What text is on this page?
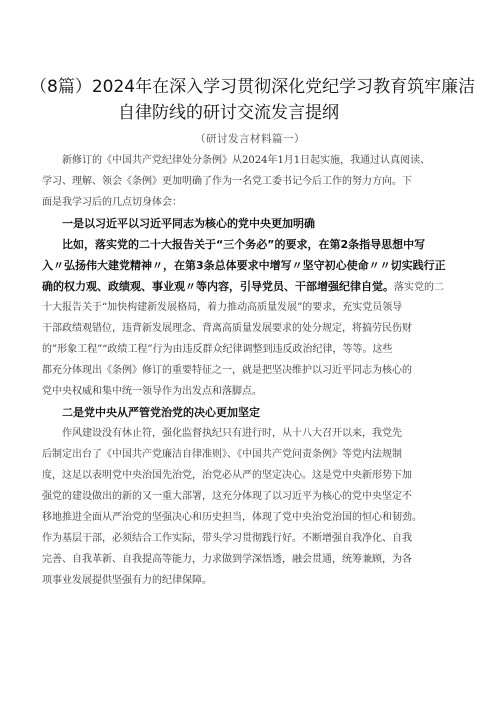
（8篇）2024年在深入学习贯彻深化党纪学习教育筑牢廉洁
自律防线的研讨交流发言提纲
（研讨发言材料篇一）
新修订的《中国共产党纪律处分条例》从2024年1月1日起实施，我通过认真阅读、
学习、理解、领会《条例》更加明确了作为一名党工委书记今后工作的努力方向。下
面是我学习后的几点切身体会：
一是以习近平以习近平同志为核心的党中央更加明确
比如，落实党的二十大报告关于“三个务必”的要求，在第2条指导思想中写
入〃弘扬伟大建党精神〃，在第3条总体要求中增写〃坚守初心使命〃〃切实践行正
确的权力观、政绩观、事业观〃等内容，引导党员、干部增强纪律自觉。落实党的二
十大报告关于“加快构建新发展格局，着力推动高质量发展”的要求，充实党员领导
干部政绩观错位，违背新发展理念、背离高质量发展要求的处分规定，将搞劳民伤财
的”形象工程”“政绩工程”行为由违反群众纪律调整到违反政治纪律，等等。这些
都充分体现出《条例》修订的重要特征之一，就是把坚决维护以习近平同志为核心的
党中央权威和集中统一领导作为出发点和落脚点。
二是党中央从严管党治党的决心更加坚定
作风建设没有休止符，强化监督执纪只有进行时，从十八大召开以来，我党先
后制定出台了《中国共产党廉洁自律准则》、《中国共产党问责条例》等党内法规制
度，这足以表明党中央治国先治党，治党必从严的坚定决心。这是党中央新形势下加
强党的建设做出的新的又一重大部署，这充分体现了以习近平为核心的党中央坚定不
移地推进全面从严治党的坚强决心和历史担当，体现了党中央治党治国的恒心和韧劲。
作为基层干部，必须结合工作实际，带头学习贯彻践行好。不断增强自我净化、自我
完善、自我革新、自我提高等能力，力求做到学深悟透，融会贯通，统筹兼顾，为各
项事业发展提供坚强有力的纪律保障。
